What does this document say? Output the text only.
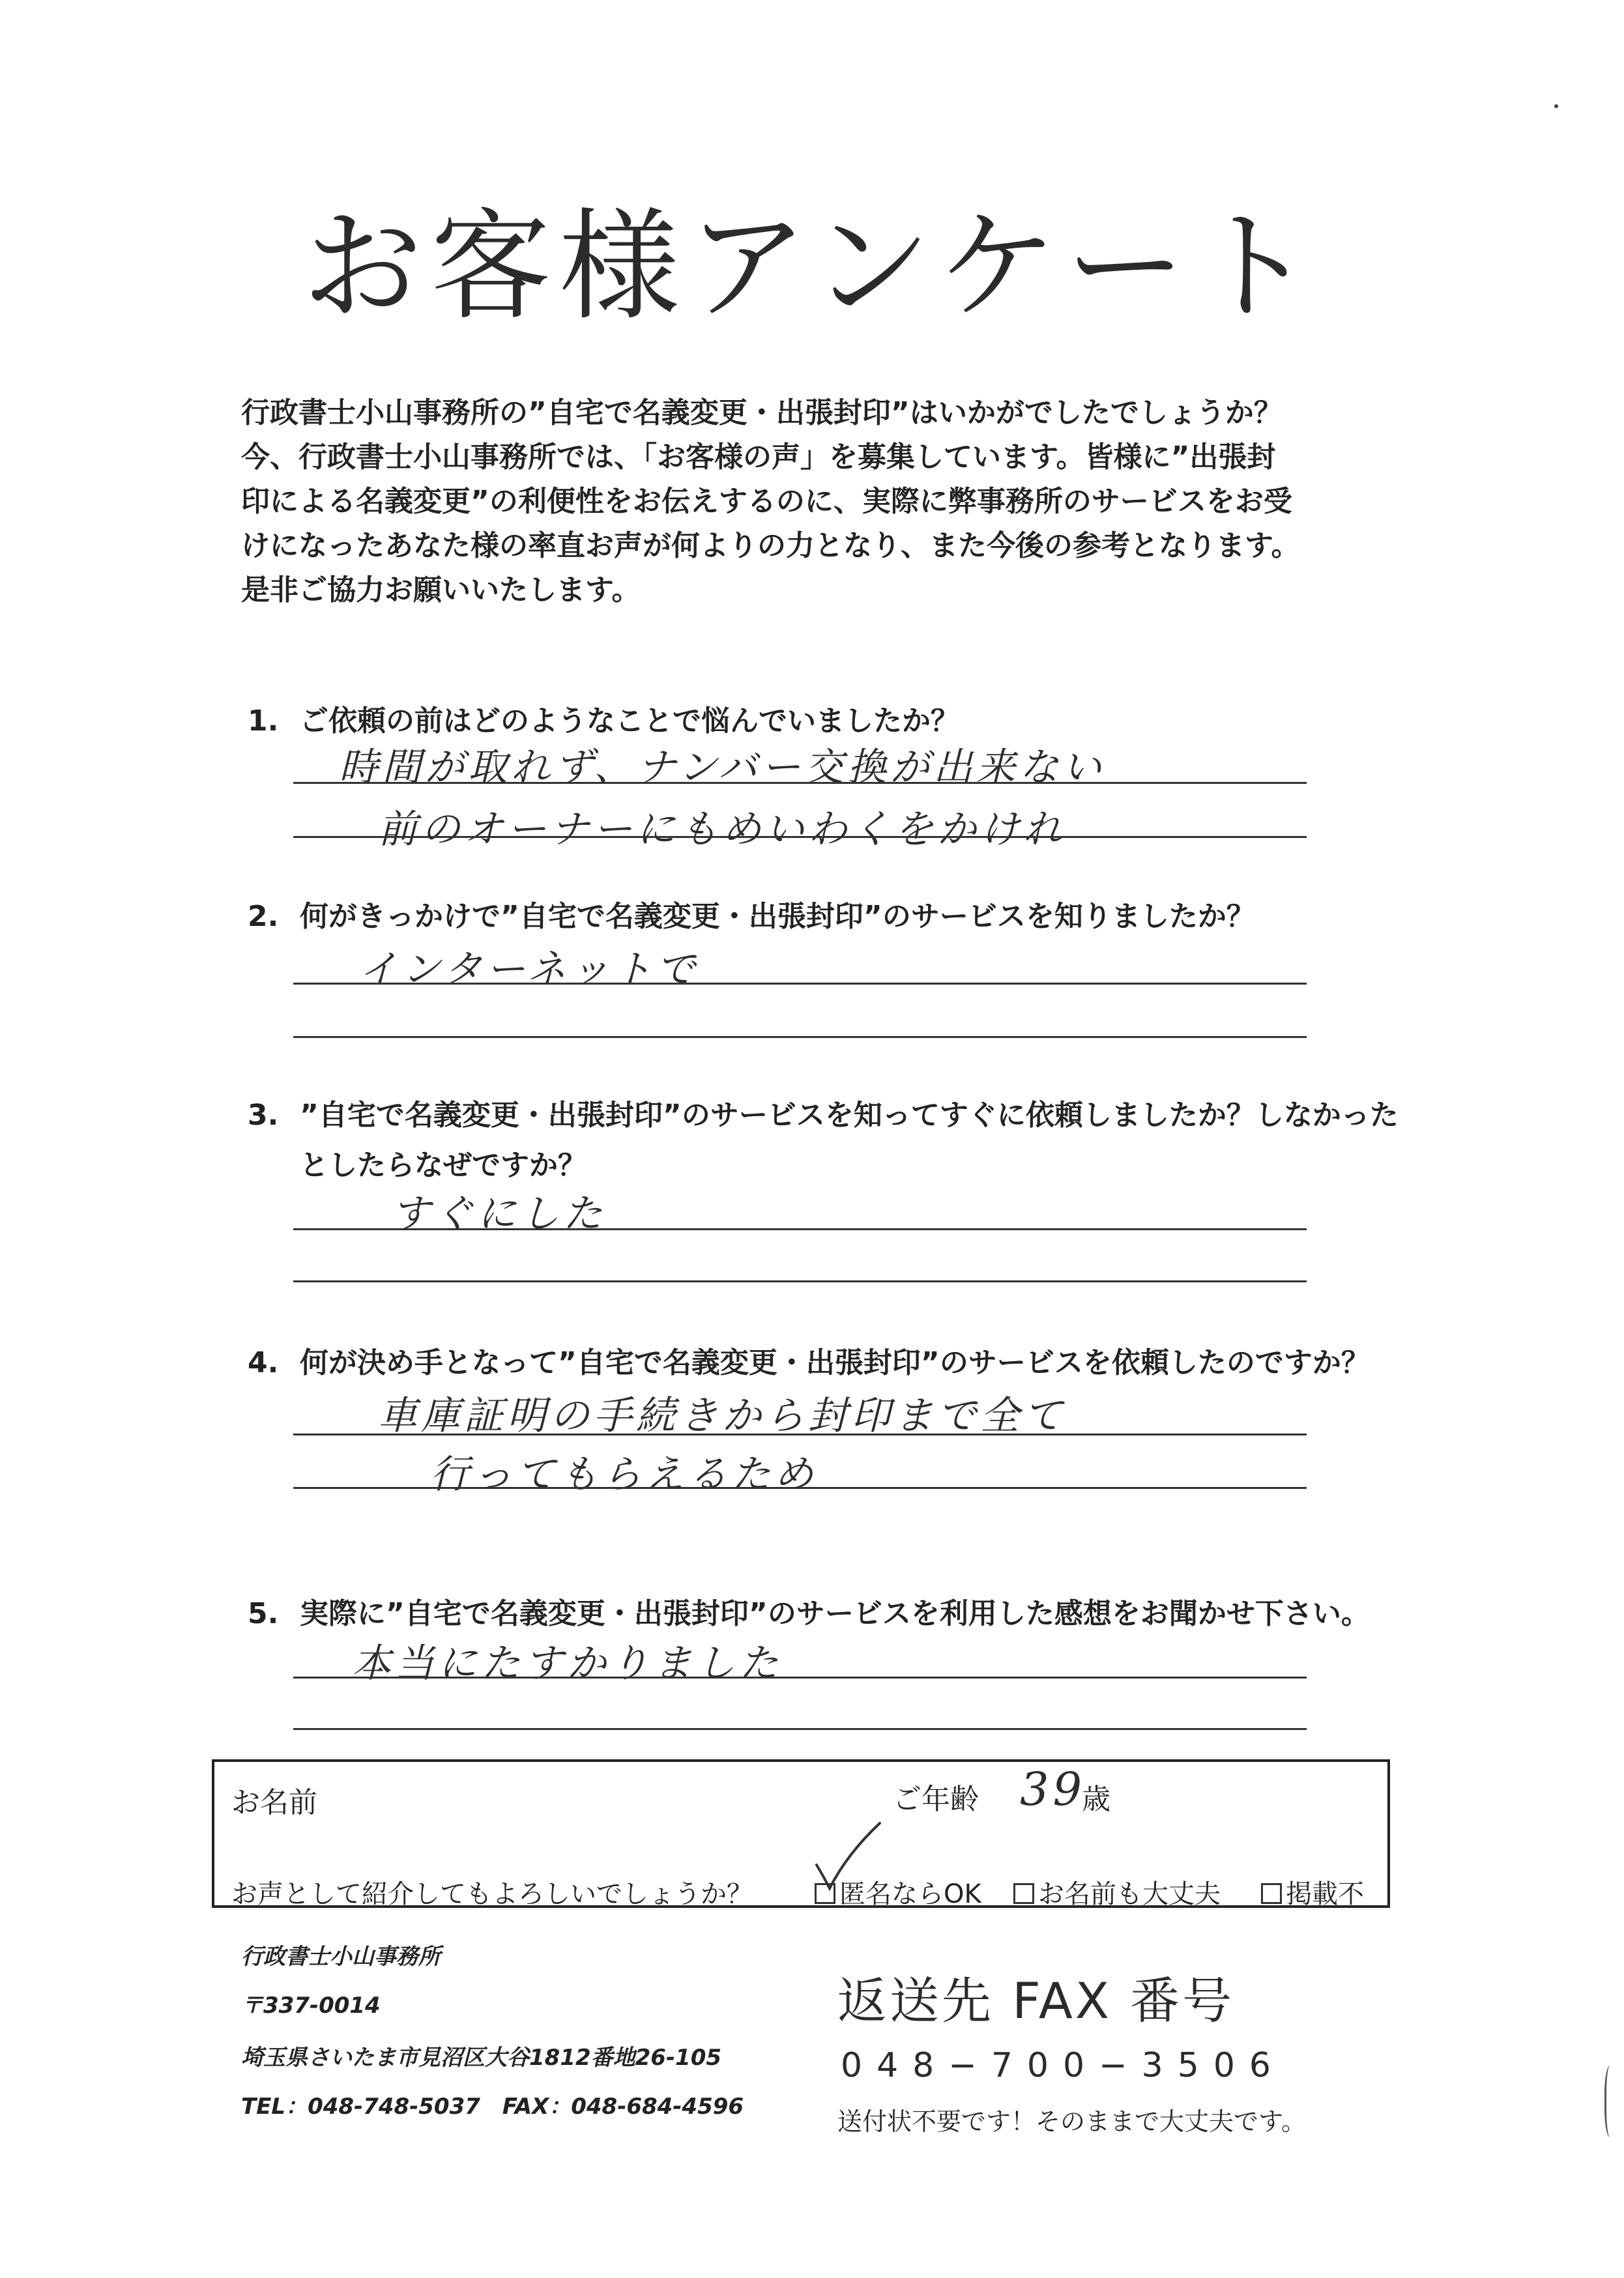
お客様アンケート
行政書士小山事務所の”自宅で名義変更・出張封印”はいかがでしたでしょうか？
今、行政書士小山事務所では、「お客様の声」を募集しています。皆様に”出張封
印による名義変更”の利便性をお伝えするのに、実際に弊事務所のサービスをお受
けになったあなた様の率直お声が何よりの力となり、また今後の参考となります。
是非ご協力お願いいたします。
1. ご依頼の前はどのようなことで悩んでいましたか？
時間が取れず、ナンバー交換が出来ない
前のオーナーにもめいわくをかけれ
2. 何がきっかけで”自宅で名義変更・出張封印”のサービスを知りましたか？
インターネットで
3. ”自宅で名義変更・出張封印”のサービスを知ってすぐに依頼しましたか？しなかった
としたらなぜですか？
すぐにした
4. 何が決め手となって”自宅で名義変更・出張封印”のサービスを依頼したのですか？
車庫証明の手続きから封印まで全て
行ってもらえるため
5. 実際に”自宅で名義変更・出張封印”のサービスを利用した感想をお聞かせ下さい。
本当にたすかりました
お名前	ご年齢 39
歳
お声として紹介してもよろしいでしょうか？	匿名ならOK	お名前も大丈夫	掲載不
行政書士小山事務所
〒337-0014
埼玉県さいたま市見沼区大谷1812番地26-105
TEL：048-748-5037　FAX：048-684-4596
返送先 FAX 番号
048−700−3506
送付状不要です！そのままで大丈夫です。
